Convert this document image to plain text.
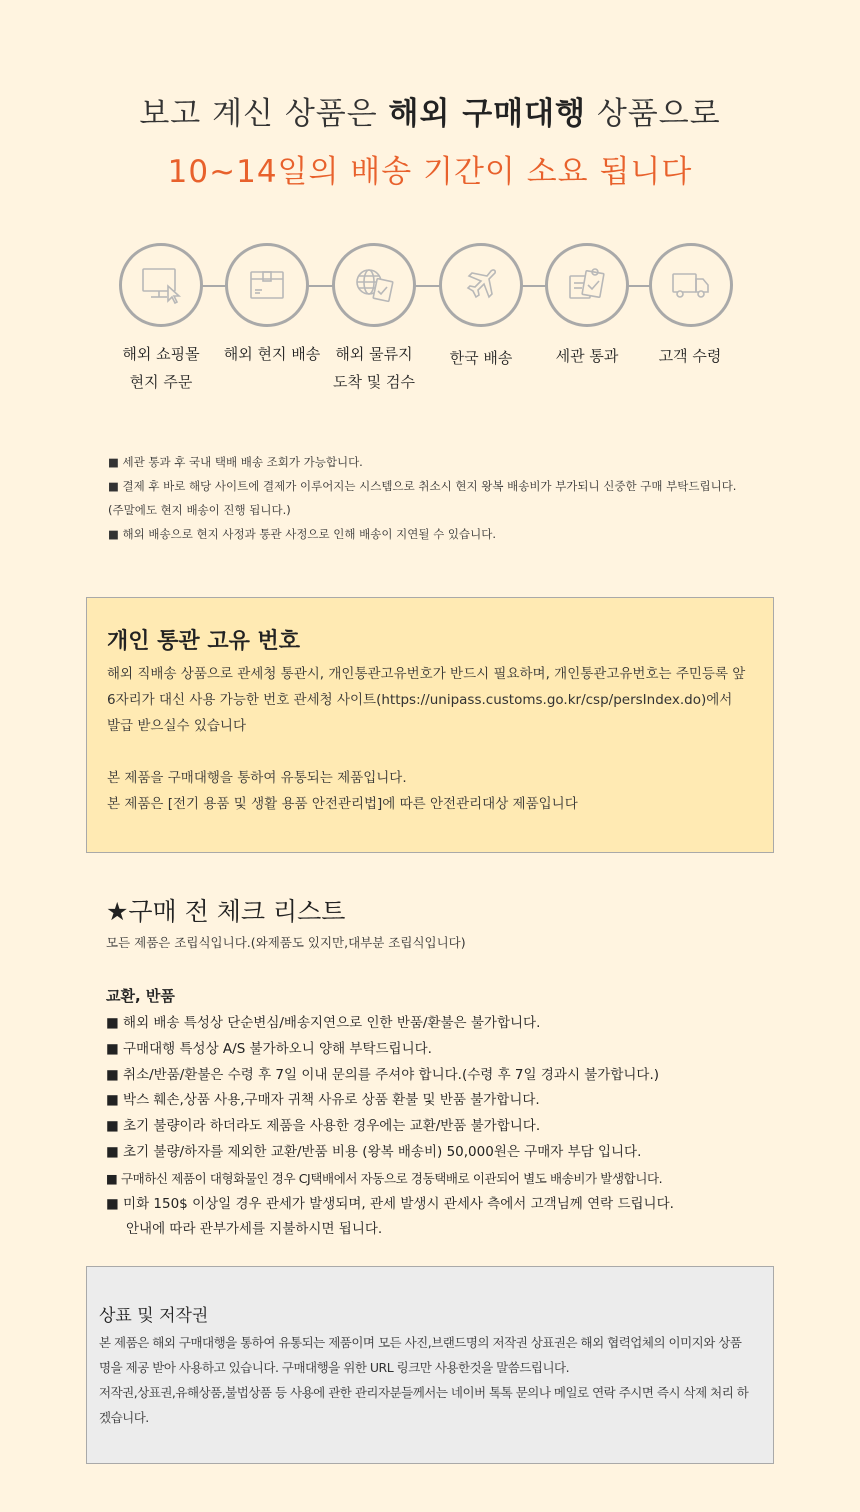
보고 계신 상품은 해외 구매대행 상품으로
10~14일의 배송 기간이 소요 됩니다
해외 쇼핑몰
현지 주문
해외 현지 배송	해외 물류지
도착 및 검수
한국 배송	세관 통과	고객 수령

■ 세관 통과 후 국내 택배 배송 조회가 가능합니다.

■ 결제 후 바로 해당 사이트에 결제가 이루어지는 시스템으로 취소시 현지 왕복 배송비가 부가되니 신중한 구매 부탁드립니다.

(주말에도 현지 배송이 진행 됩니다.)

■ 해외 배송으로 현지 사정과 통관 사정으로 인해 배송이 지연될 수 있습니다.

개인 통관 고유 번호

해외 직배송 상품으로 관세청 통관시, 개인통관고유번호가 반드시 필요하며, 개인통관고유번호는 주민등록 앞

6자리가 대신 사용 가능한 번호 관세청 사이트(https://unipass.customs.go.kr/csp/persIndex.do)에서

발급 받으실수 있습니다

본 제품을 구매대행을 통하여 유통되는 제품입니다.

본 제품은 [전기 용품 및 생활 용품 안전관리법]에 따른 안전관리대상 제품입니다

★구매 전 체크 리스트

모든 제품은 조립식입니다.(와제품도 있지만,대부분 조립식입니다)

교환, 반품
■ 해외 배송 특성상 단순변심/배송지연으로 인한 반품/환불은 불가합니다.
■ 구매대행 특성상 A/S 불가하오니 양해 부탁드립니다.
■ 취소/반품/환불은 수령 후 7일 이내 문의를 주셔야 합니다.(수령 후 7일 경과시 불가합니다.)
■ 박스 훼손,상품 사용,구매자 귀책 사유로 상품 환불 및 반품 불가합니다.
■ 초기 불량이라 하더라도 제품을 사용한 경우에는 교환/반품 불가합니다.
■ 초기 불량/하자를 제외한 교환/반품 비용 (왕복 배송비) 50,000원은 구매자 부담 입니다.
■ 구매하신 제품이 대형화물인 경우 CJ택배에서 자동으로 경동택배로 이관되어 별도 배송비가 발생합니다.
■ 미화 150$ 이상일 경우 관세가 발생되며, 관세 발생시 관세사 측에서 고객님께 연락 드립니다.
안내에 따라 관부가세를 지불하시면 됩니다.
상표 및 저작권

본 제품은 해외 구매대행을 통하여 유통되는 제품이며 모든 사진,브랜드명의 저작권 상표권은 해외 협력업체의 이미지와 상품

명을 제공 받아 사용하고 있습니다. 구매대행을 위한 URL 링크만 사용한것을 말씀드립니다.

저작권,상표권,유해상품,불법상품 등 사용에 관한 관리자분들께서는 네이버 톡톡 문의나 메일로 연락 주시면 즉시 삭제 처리 하

겠습니다.
